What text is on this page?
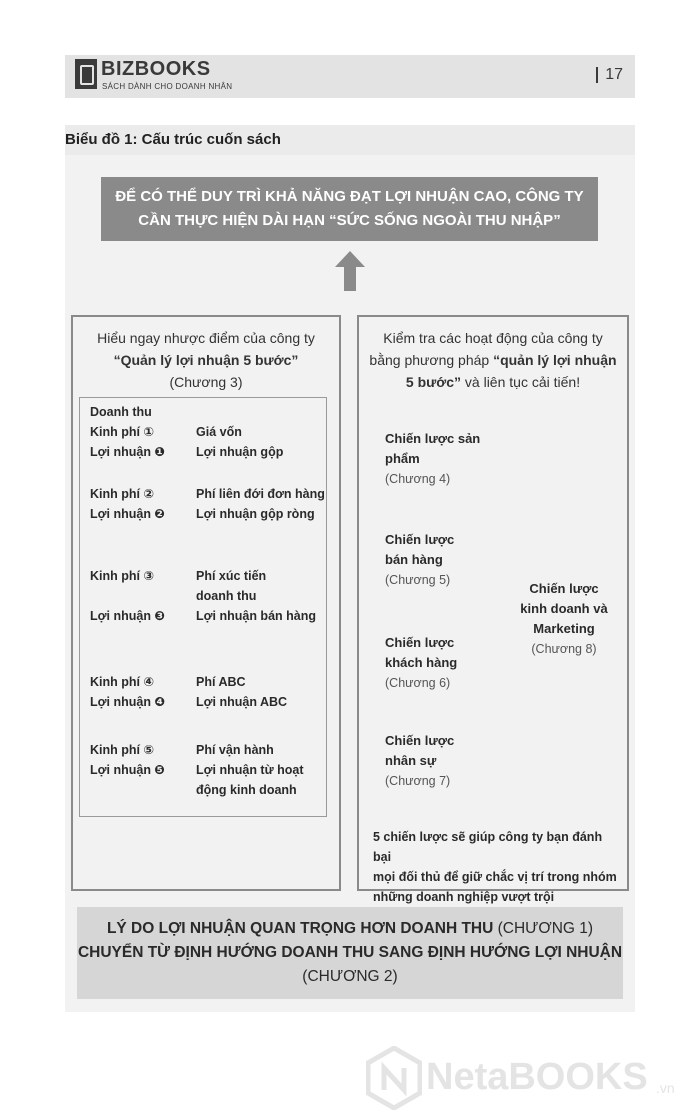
BIZBOOKS
SÁCH DÀNH CHO DOANH NHÂN
17
Biểu đồ 1: Cấu trúc cuốn sách
ĐỂ CÓ THỂ DUY TRÌ KHẢ NĂNG ĐẠT LỢI NHUẬN CAO, CÔNG TY
CẦN THỰC HIỆN DÀI HẠN “SỨC SỐNG NGOÀI THU NHẬP”
Hiểu ngay nhược điểm của công ty
“Quản lý lợi nhuận 5 bước”
(Chương 3)
Doanh thu
Kinh phí ①	Giá vốn
Lợi nhuận ❶ Lợi nhuận gộp
Kinh phí ②	Phí liên đới đơn hàng
Lợi nhuận ❷ Lợi nhuận gộp ròng
Kinh phí ③	Phí xúc tiến
doanh thu
Lợi nhuận ❸ Lợi nhuận bán hàng
Kinh phí ④	Phí ABC
Lợi nhuận ❹ Lợi nhuận ABC
Kinh phí ⑤	Phí vận hành
Lợi nhuận ❺ Lợi nhuận từ hoạt
động kinh doanh
Kiểm tra các hoạt động của công ty
bằng phương pháp “quản lý lợi nhuận
5 bước” và liên tục cải tiến!
Chiến lược sản
phẩm
(Chương 4)
Chiến lược
bán hàng
(Chương 5)
Chiến lược
khách hàng
(Chương 6)
Chiến lược
nhân sự
(Chương 7)
Chiến lược
kinh doanh và
Marketing
(Chương 8)
5 chiến lược sẽ giúp công ty bạn đánh bại
mọi đối thủ để giữ chắc vị trí trong nhóm
những doanh nghiệp vượt trội
LÝ DO LỢI NHUẬN QUAN TRỌNG HƠN DOANH THU (CHƯƠNG 1)
CHUYỂN TỪ ĐỊNH HƯỚNG DOANH THU SANG ĐỊNH HƯỚNG LỢI NHUẬN
(CHƯƠNG 2)
NetaBOOKS .vn
